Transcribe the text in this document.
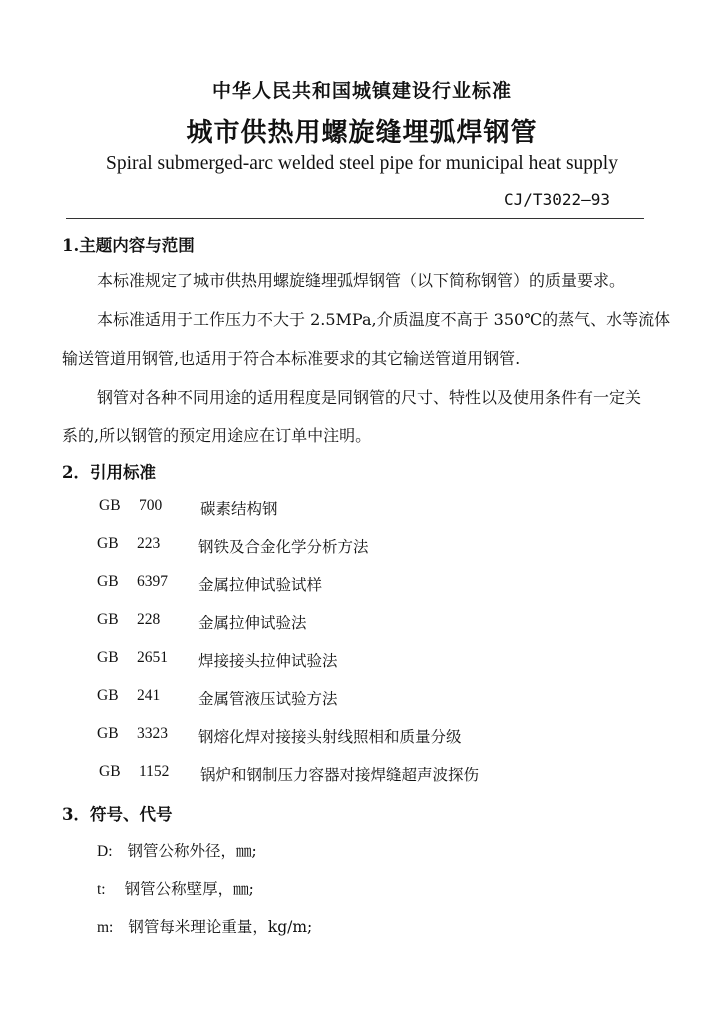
中华人民共和国城镇建设行业标准
城市供热用螺旋缝埋弧焊钢管
Spiral submerged-arc welded steel pipe for municipal heat supply
CJ/T3022—93
1.主题内容与范围
本标准规定了城市供热用螺旋缝埋弧焊钢管（以下简称钢管）的质量要求。
本标准适用于工作压力不大于 2.5MPa,介质温度不高于 350℃的蒸气、水等流体
输送管道用钢管,也适用于符合本标准要求的其它输送管道用钢管.
钢管对各种不同用途的适用程度是同钢管的尺寸、特性以及使用条件有一定关
系的,所以钢管的预定用途应在订单中注明。
2．引用标准
GB 700 碳素结构钢
GB 223 钢铁及合金化学分析方法
GB 6397 金属拉伸试验试样
GB 228 金属拉伸试验法
GB 2651 焊接接头拉伸试验法
GB 241 金属管液压试验方法
GB 3323 钢熔化焊对接接头射线照相和质量分级
GB 1152 锅炉和钢制压力容器对接焊缝超声波探伤
3．符号、代号
D: 钢管公称外径，㎜;
t: 钢管公称壁厚，㎜;
m: 钢管每米理论重量，kg/m;
